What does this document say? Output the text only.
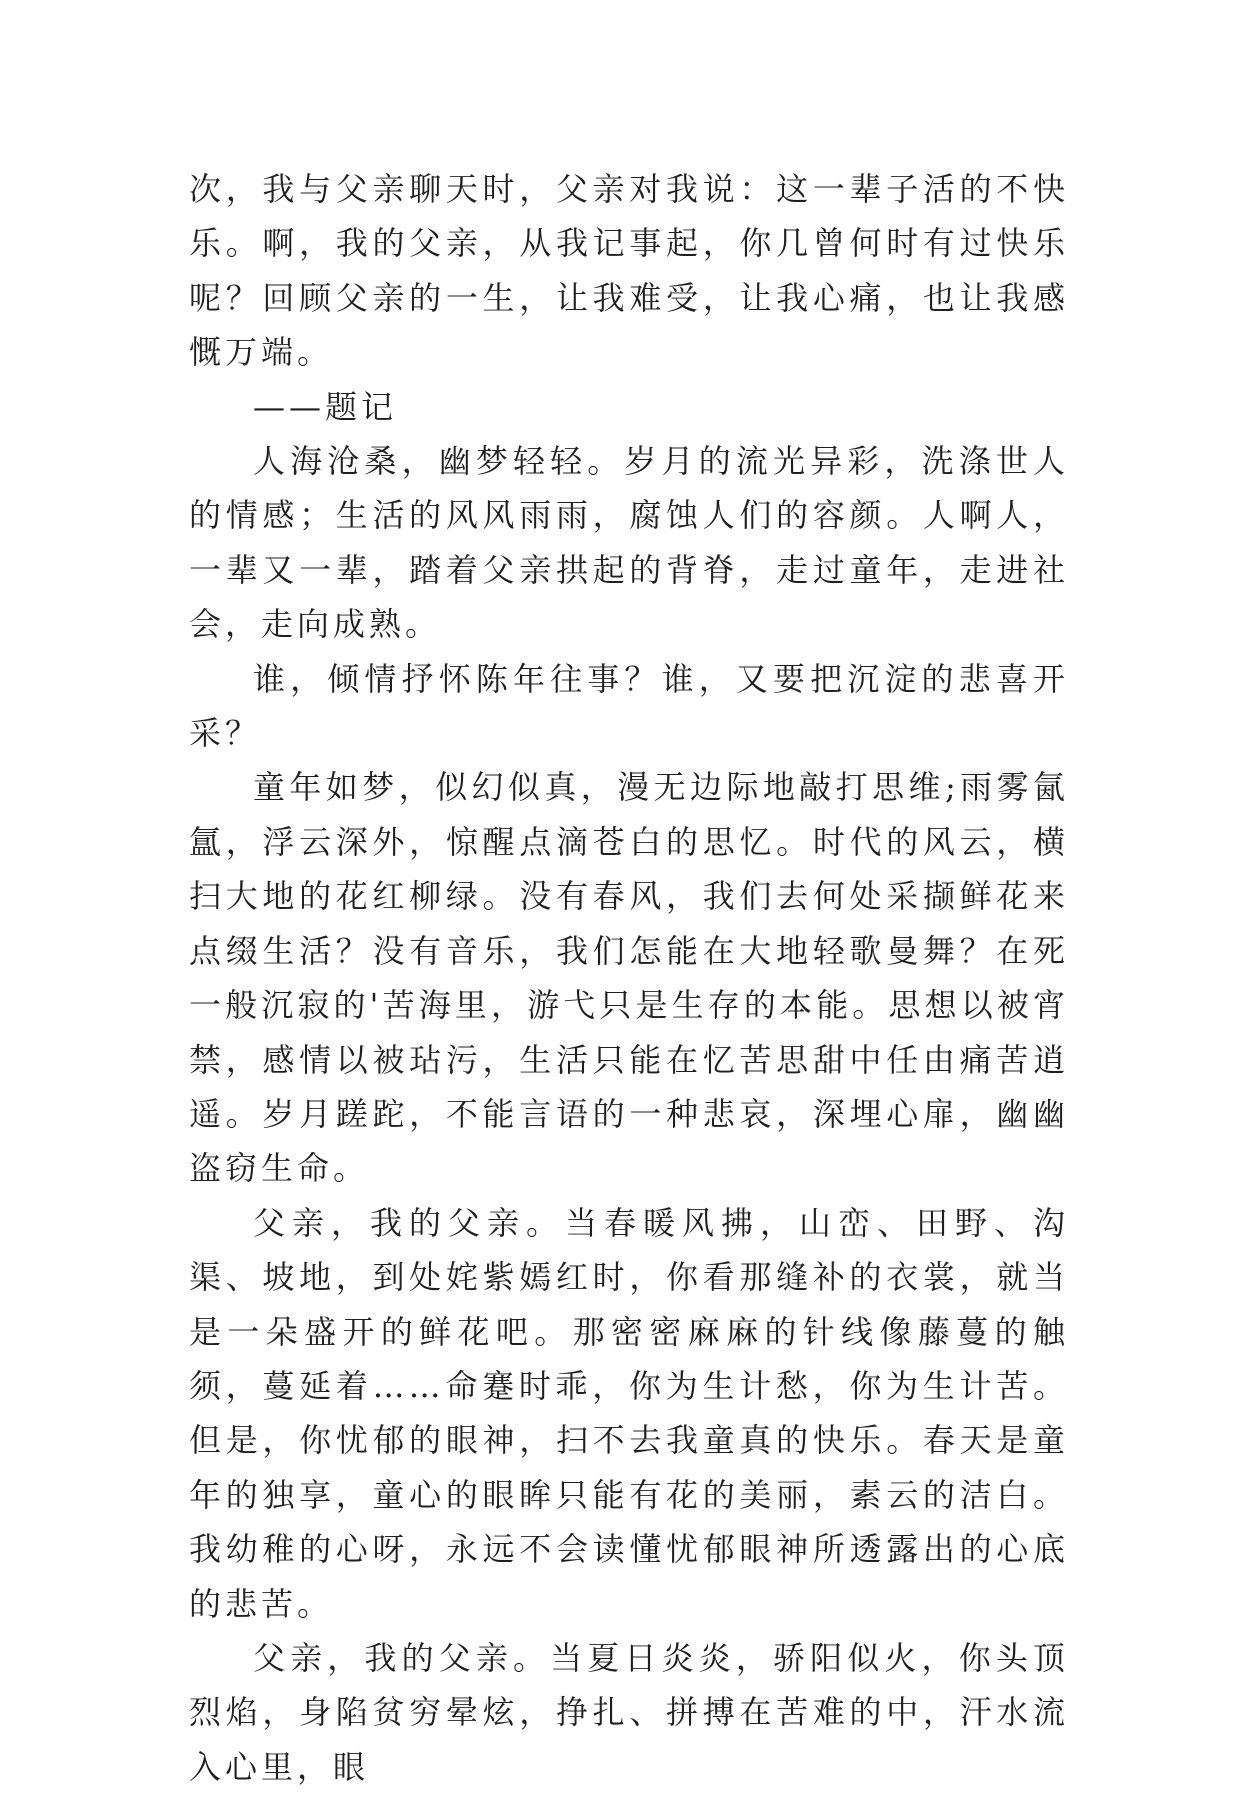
次，我与父亲聊天时，父亲对我说：这一辈子活的不快乐。啊，我的父亲，从我记事起，你几曾何时有过快乐呢？回顾父亲的一生，让我难受，让我心痛，也让我感慨万端。

——题记

人海沧桑，幽梦轻轻。岁月的流光异彩，洗涤世人的情感；生活的风风雨雨，腐蚀人们的容颜。人啊人，一辈又一辈，踏着父亲拱起的背脊，走过童年，走进社会，走向成熟。

谁，倾情抒怀陈年往事？谁，又要把沉淀的悲喜开采？

童年如梦，似幻似真，漫无边际地敲打思维;雨雾氤氲，浮云深外，惊醒点滴苍白的思忆。时代的风云，横扫大地的花红柳绿。没有春风，我们去何处采撷鲜花来点缀生活？没有音乐，我们怎能在大地轻歌曼舞？在死一般沉寂的'苦海里，游弋只是生存的本能。思想以被宵禁，感情以被玷污，生活只能在忆苦思甜中任由痛苦逍遥。岁月蹉跎，不能言语的一种悲哀，深埋心扉，幽幽盗窃生命。

父亲，我的父亲。当春暖风拂，山峦、田野、沟渠、坡地，到处姹紫嫣红时，你看那缝补的衣裳，就当是一朵盛开的鲜花吧。那密密麻麻的针线像藤蔓的触须，蔓延着……命蹇时乖，你为生计愁，你为生计苦。但是，你忧郁的眼神，扫不去我童真的快乐。春天是童年的独享，童心的眼眸只能有花的美丽，素云的洁白。我幼稚的心呀，永远不会读懂忧郁眼神所透露出的心底的悲苦。

父亲，我的父亲。当夏日炎炎，骄阳似火，你头顶烈焰，身陷贫穷晕炫，挣扎、拼搏在苦难的中，汗水流入心里，眼
